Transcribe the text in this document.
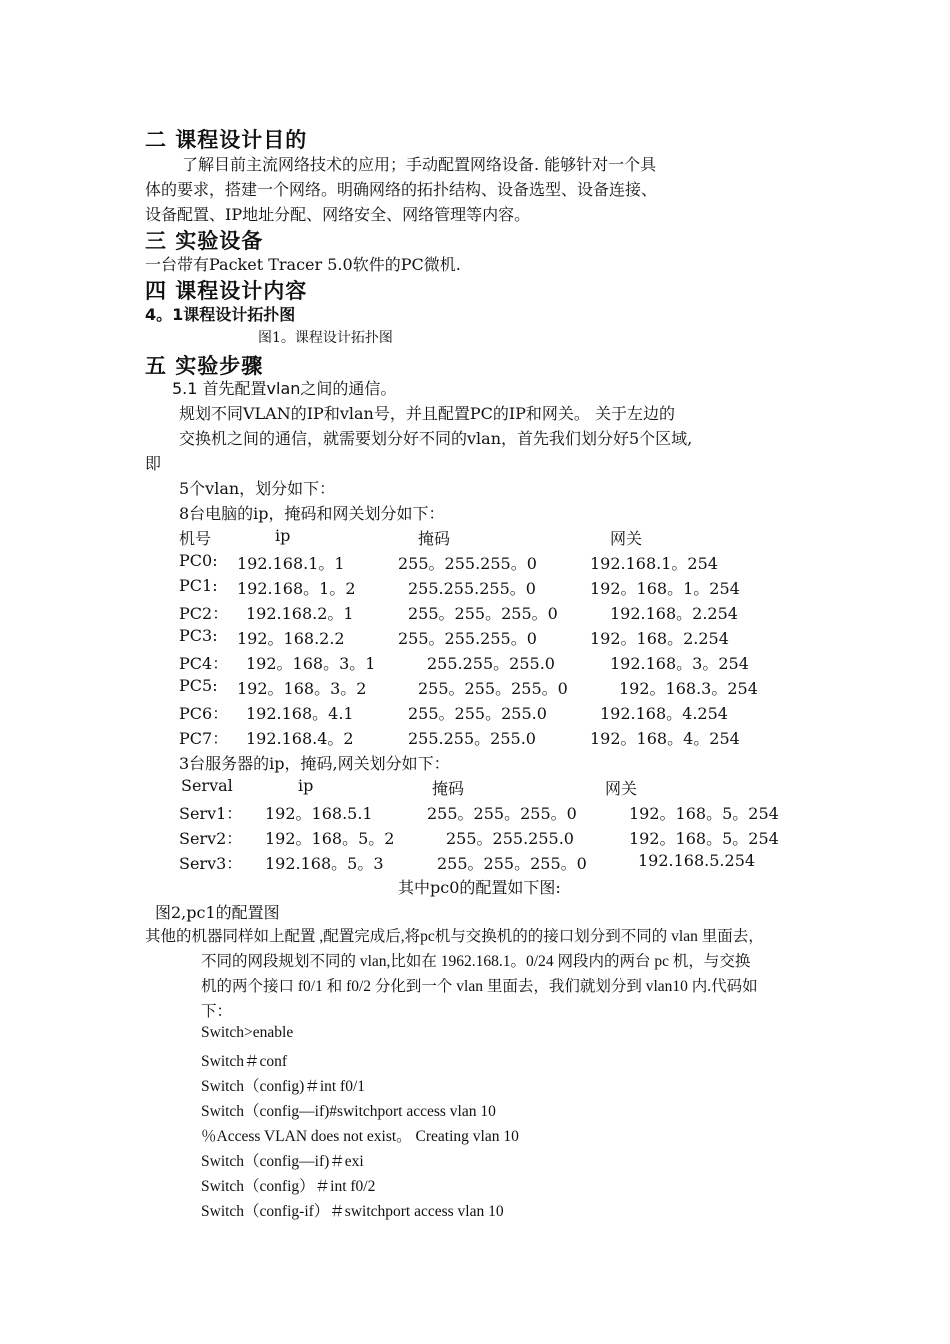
二 课程设计目的
了解目前主流网络技术的应用；手动配置网络设备. 能够针对一个具
体的要求，搭建一个网络。明确网络的拓扑结构、设备选型、设备连接、
设备配置、IP地址分配、网络安全、网络管理等内容。
三 实验设备
一台带有Packet Tracer 5.0软件的PC微机.
四 课程设计内容
4。1课程设计拓扑图
图1。课程设计拓扑图
五 实验步骤
5.1 首先配置vlan之间的通信。
规划不同VLAN的IP和vlan号，并且配置PC的IP和网关。 关于左边的
交换机之间的通信，就需要划分好不同的vlan，首先我们划分好5个区域,
即
5个vlan，划分如下：
8台电脑的ip，掩码和网关划分如下：
机号	ip	掩码	网关
PC0: 192.168.1。1	255。255.255。0	192.168.1。254
PC1: 192.168。1。2	255.255.255。0	192。168。1。254
PC2： 192.168.2。1	255。255。255。0	192.168。2.254
PC3: 192。168.2.2	255。255.255。0	192。168。2.254
PC4： 192。168。3。1	255.255。255.0	192.168。3。254
PC5: 192。168。3。2	255。255。255。0	192。168.3。254
PC6： 192.168。4.1	255。255。255.0	192.168。4.254
PC7： 192.168.4。2	255.255。255.0	192。168。4。254
3台服务器的ip，掩码,网关划分如下：
Serval	ip	掩码	网关
Serv1： 192。168.5.1	255。255。255。0	192。168。5。254
Serv2： 192。168。5。2	255。255.255.0	192。168。5。254
Serv3： 192.168。5。3	255。255。255。0	192.168.5.254
其中pc0的配置如下图:
图2,pc1的配置图
其他的机器同样如上配置 ,配置完成后,将pc机与交换机的的接口划分到不同的 vlan 里面去，
不同的网段规划不同的 vlan,比如在 1962.168.1。0/24 网段内的两台 pc 机，与交换
机的两个接口 f0/1 和 f0/2 分化到一个 vlan 里面去，我们就划分到 vlan10 内.代码如
下：
Switch>enable
Switch＃conf
Switch（config)＃int f0/1
Switch（config—if)#switchport access vlan 10
％Access VLAN does not exist。 Creating vlan 10
Switch（config—if)＃exi
Switch（config）＃int f0/2
Switch（config-if）＃switchport access vlan 10
